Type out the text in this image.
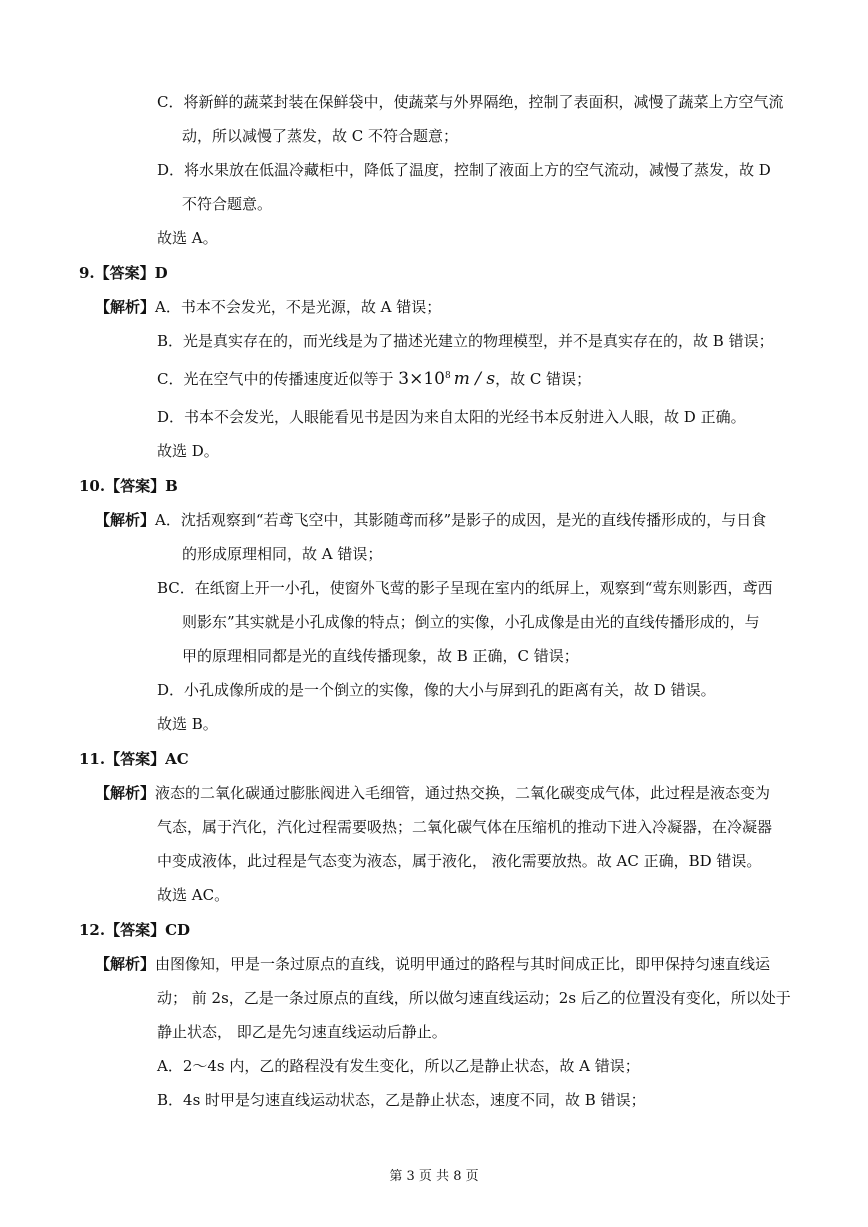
C．将新鲜的蔬菜封装在保鲜袋中，使蔬菜与外界隔绝，控制了表面积，减慢了蔬菜上方空气流
动，所以减慢了蒸发，故 C 不符合题意；
D．将水果放在低温冷藏柜中，降低了温度，控制了液面上方的空气流动，减慢了蒸发，故 D
不符合题意。
故选 A。
9.【答案】D
【解析】A．书本不会发光，不是光源，故 A 错误；
B．光是真实存在的，而光线是为了描述光建立的物理模型，并不是真实存在的，故 B 错误；
C．光在空气中的传播速度近似等于 $3\times 10^8$ m / s，故 C 错误；
D．书本不会发光，人眼能看见书是因为来自太阳的光经书本反射进入人眼，故 D 正确。
故选 D。
10.【答案】B
【解析】A．沈括观察到“若鸢飞空中，其影随鸢而移”是影子的成因，是光的直线传播形成的，与日食
的形成原理相同，故 A 错误；
BC．在纸窗上开一小孔，使窗外飞莺的影子呈现在室内的纸屏上，观察到“莺东则影西，鸢西
则影东”其实就是小孔成像的特点；倒立的实像，小孔成像是由光的直线传播形成的，与
甲的原理相同都是光的直线传播现象，故 B 正确，C 错误；
D．小孔成像所成的是一个倒立的实像，像的大小与屏到孔的距离有关，故 D 错误。
故选 B。
11.【答案】AC
【解析】液态的二氧化碳通过膨胀阀进入毛细管，通过热交换，二氧化碳变成气体，此过程是液态变为
气态，属于汽化，汽化过程需要吸热；二氧化碳气体在压缩机的推动下进入冷凝器，在冷凝器
中变成液体，此过程是气态变为液态，属于液化， 液化需要放热。故 AC 正确，BD 错误。
故选 AC。
12.【答案】CD
【解析】由图像知，甲是一条过原点的直线，说明甲通过的路程与其时间成正比，即甲保持匀速直线运
动； 前 2s，乙是一条过原点的直线，所以做匀速直线运动；2s 后乙的位置没有变化，所以处于
静止状态， 即乙是先匀速直线运动后静止。
A．2～4s 内，乙的路程没有发生变化，所以乙是静止状态，故 A 错误；
B．4s 时甲是匀速直线运动状态，乙是静止状态，速度不同，故 B 错误；
第 3 页 共 8 页
